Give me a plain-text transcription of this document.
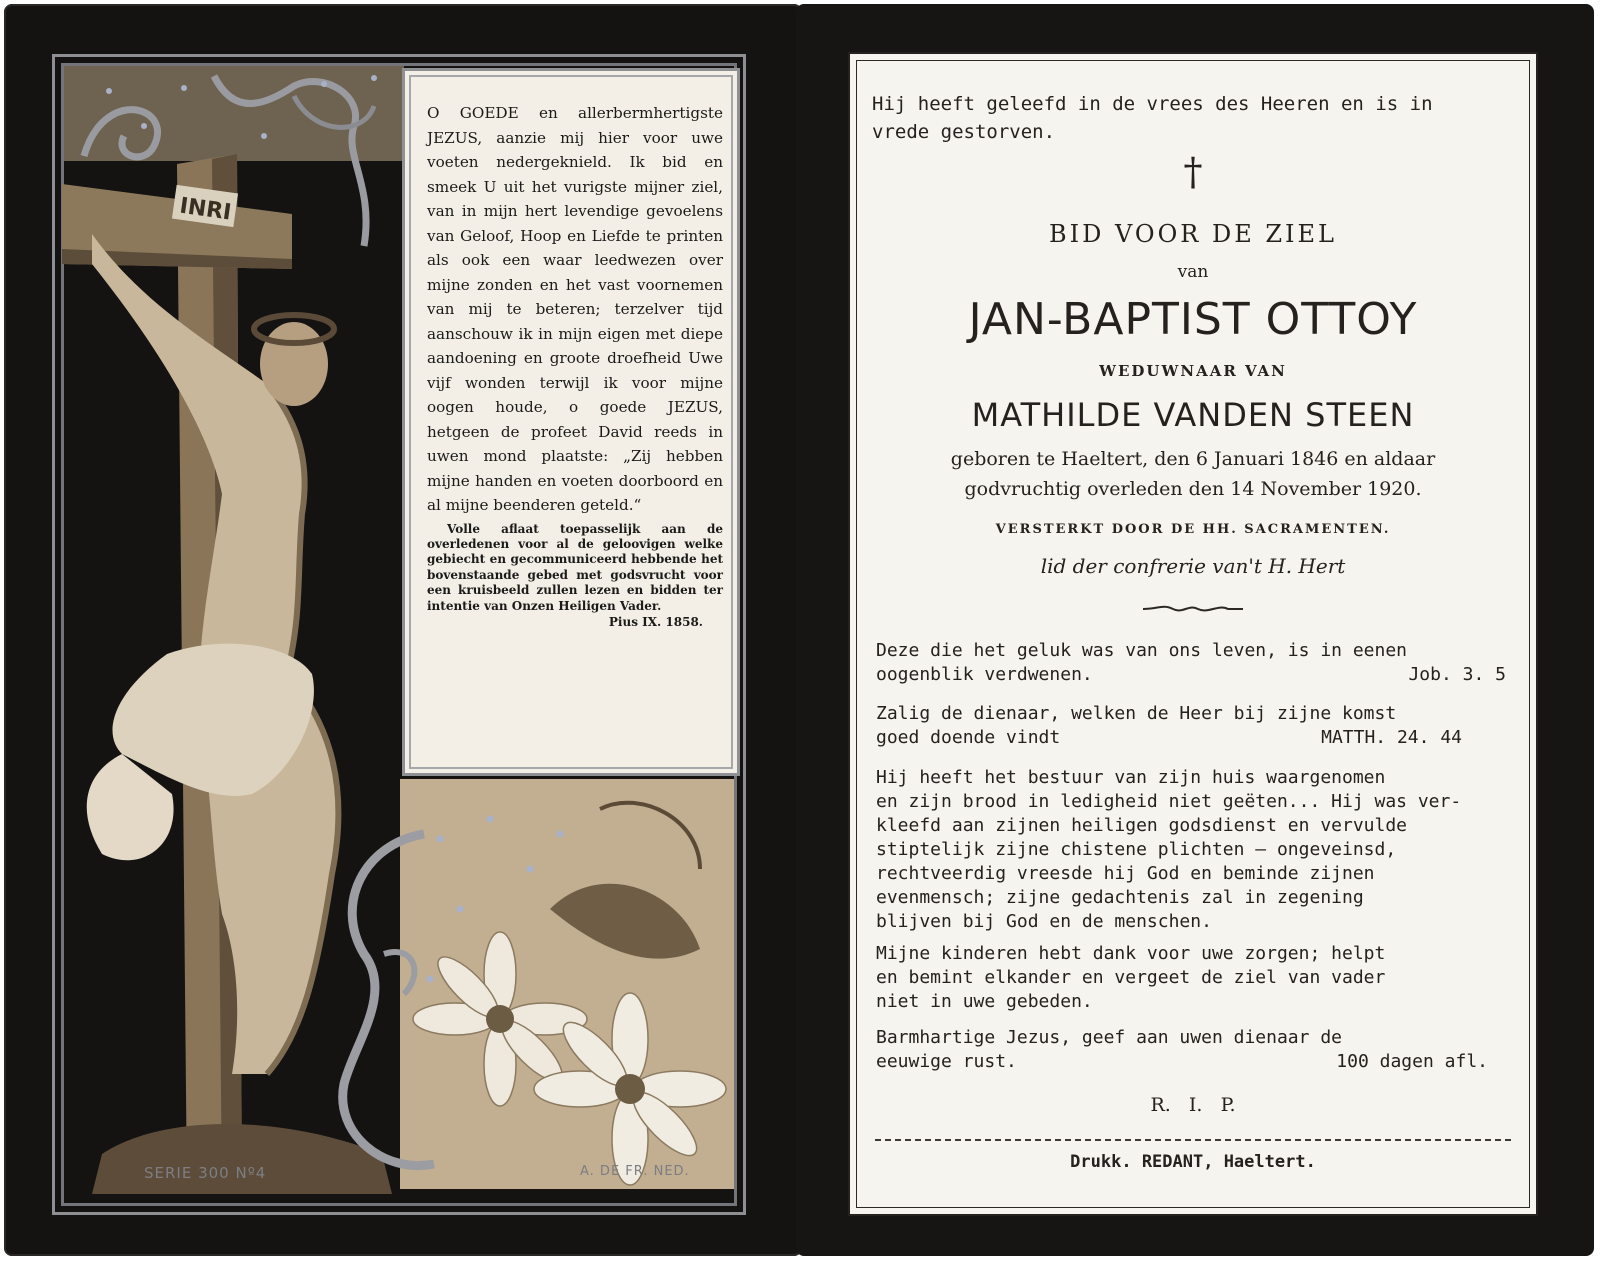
INRI
O GOEDE en allerbermhertigste JEZUS, aanzie mij hier voor uwe voeten nedergeknield. Ik bid en smeek U uit het vurigste mijner ziel, van in mijn hert levendige gevoelens van Geloof, Hoop en Liefde te printen als ook een waar leedwezen over mijne zonden en het vast voornemen van mij te beteren; terzelver tijd aanschouw ik in mijn eigen met diepe aandoening en groote droefheid Uwe vijf wonden terwijl ik voor mijne oogen houde, o goede JEZUS, hetgeen de profeet David reeds in uwen mond plaatste: „Zij hebben mijne handen en voeten doorboord en al mijne beenderen geteld.“
Volle aflaat toepasselijk aan de overledenen voor al de geloovigen welke gebiecht en gecommuniceerd hebbende het bovenstaande gebed met godsvrucht voor een kruisbeeld zullen lezen en bidden ter intentie van Onzen Heiligen Vader.
Pius IX. 1858.
SERIE 300 Nº4	A. DE FR. NED.
Hij heeft geleefd in de vrees des Heeren en is in
vrede gestorven.
†
BID VOOR DE ZIEL
van
JAN-BAPTIST OTTOY
WEDUWNAAR VAN
MATHILDE VANDEN STEEN
geboren te Haeltert, den 6 Januari 1846 en aldaar
godvruchtig overleden den 14 November 1920.
VERSTERKT DOOR DE HH. SACRAMENTEN.
lid der confrerie van't H. Hert
Deze die het geluk was van ons leven, is in eenen
oogenblik verdwenen.	Job. 3. 5
Zalig de dienaar, welken de Heer bij zijne komst
goed doende vindt	MATTH. 24. 44
Hij heeft het bestuur van zijn huis waargenomen
en zijn brood in ledigheid niet geëten... Hij was ver-
kleefd aan zijnen heiligen godsdienst en vervulde
stiptelijk zijne chistene plichten — ongeveinsd,
rechtveerdig vreesde hij God en beminde zijnen
evenmensch; zijne gedachtenis zal in zegening
blijven bij God en de menschen.
Mijne kinderen hebt dank voor uwe zorgen; helpt
en bemint elkander en vergeet de ziel van vader
niet in uwe gebeden.
Barmhartige Jezus, geef aan uwen dienaar de
eeuwige rust.	100 dagen afl.
R.   I.   P.
Drukk. REDANT, Haeltert.
